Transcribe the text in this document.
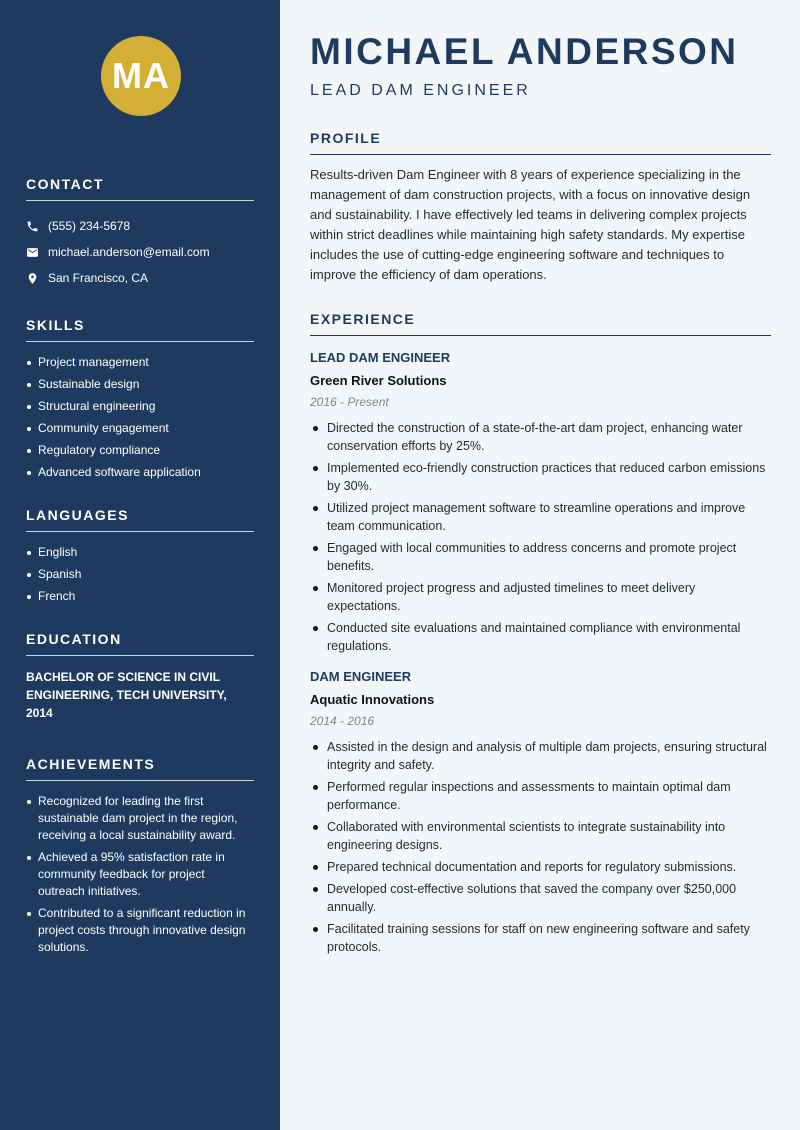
MA
CONTACT
(555) 234-5678
michael.anderson@email.com
San Francisco, CA
SKILLS
Project management
Sustainable design
Structural engineering
Community engagement
Regulatory compliance
Advanced software application
LANGUAGES
English
Spanish
French
EDUCATION
BACHELOR OF SCIENCE IN CIVIL ENGINEERING, TECH UNIVERSITY, 2014
ACHIEVEMENTS
Recognized for leading the first sustainable dam project in the region, receiving a local sustainability award.
Achieved a 95% satisfaction rate in community feedback for project outreach initiatives.
Contributed to a significant reduction in project costs through innovative design solutions.
MICHAEL ANDERSON
LEAD DAM ENGINEER
PROFILE
Results-driven Dam Engineer with 8 years of experience specializing in the management of dam construction projects, with a focus on innovative design and sustainability. I have effectively led teams in delivering complex projects within strict deadlines while maintaining high safety standards. My expertise includes the use of cutting-edge engineering software and techniques to improve the efficiency of dam operations.
EXPERIENCE
LEAD DAM ENGINEER
Green River Solutions
2016 - Present
Directed the construction of a state-of-the-art dam project, enhancing water conservation efforts by 25%.
Implemented eco-friendly construction practices that reduced carbon emissions by 30%.
Utilized project management software to streamline operations and improve team communication.
Engaged with local communities to address concerns and promote project benefits.
Monitored project progress and adjusted timelines to meet delivery expectations.
Conducted site evaluations and maintained compliance with environmental regulations.
DAM ENGINEER
Aquatic Innovations
2014 - 2016
Assisted in the design and analysis of multiple dam projects, ensuring structural integrity and safety.
Performed regular inspections and assessments to maintain optimal dam performance.
Collaborated with environmental scientists to integrate sustainability into engineering designs.
Prepared technical documentation and reports for regulatory submissions.
Developed cost-effective solutions that saved the company over $250,000 annually.
Facilitated training sessions for staff on new engineering software and safety protocols.
